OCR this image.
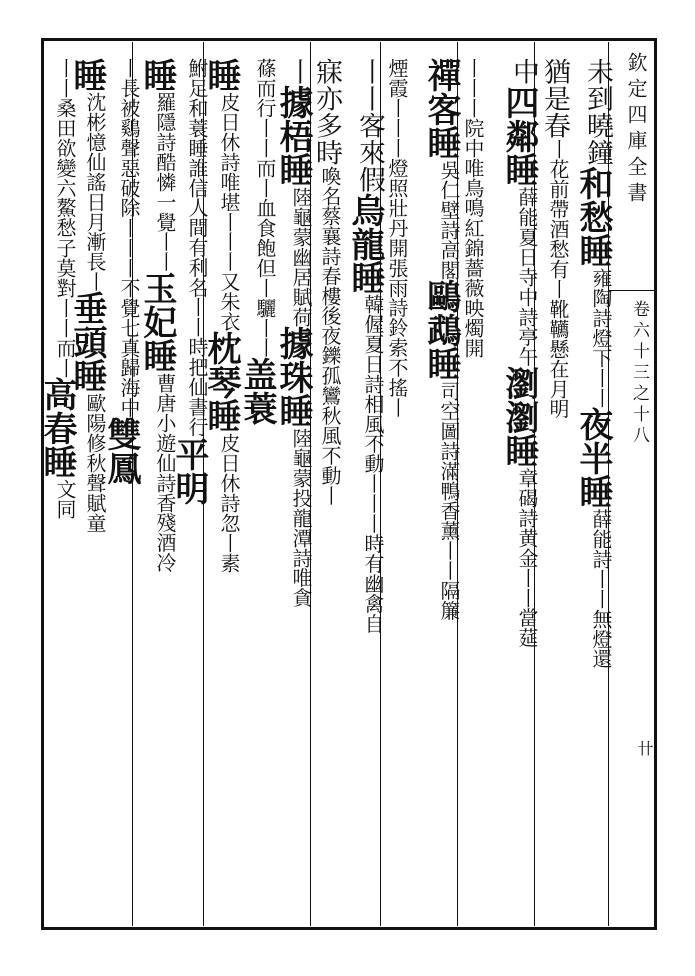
欽定四庫全書
卷六十三之十八
卄
未到曉鐘
和愁睡
雍陶詩燈下丨丨
夜半睡
薛能詩丨丨無燈還
猶是春
丨花前帶酒愁
有丨靴韉懸在月明
中
四鄰睡
薛能夏日寺中詩亭午
瀏瀏睡
章碣詩黄金丨丨當莚
丨丨丨院中唯鳥鳴
紅錦薔薇映燭開
禪客睡
吳仁壁詩高閣
鷗鵡睡
司空圖詩滿鴨香薰丨丨隔簾
煙霞丨丨丨
燈照壯丹開張雨詩鈴索不搖丨
丨丨客來假
烏龍睡
韓偓夏日詩相風不動丨丨丨時有幽禽自
寐亦多時
喚名蔡襄詩春樓後夜鑠孤鸞秋風不動丨
丨
據梧睡
陸龜蒙幽居賦荷
據珠睡
陸龜蒙投龍潭詩唯貪
蓧而行丨丨而丨
血食飽但丨驪丨丨
盖蓑
睡
皮日休詩唯堪丨丨丨又朱衣
枕琴睡
皮日休詩忽丨素
鮒足和蓑睡誰信人間有利名
丨丨時把仙書行
平明
睡
羅隱詩酷憐一覺丨丨
玉妃睡
曹唐小遊仙詩香殘酒冷
丨長被鷄聲惡破除
丨丨丨不覺七真歸海中
雙鳳
睡
沈彬憶仙謠日月漸長丨
垂頭睡
歐陽修秋聲賦童
丨丨桑田欲變六鰲愁
子莫對丨丨而丨
高春睡
文同
